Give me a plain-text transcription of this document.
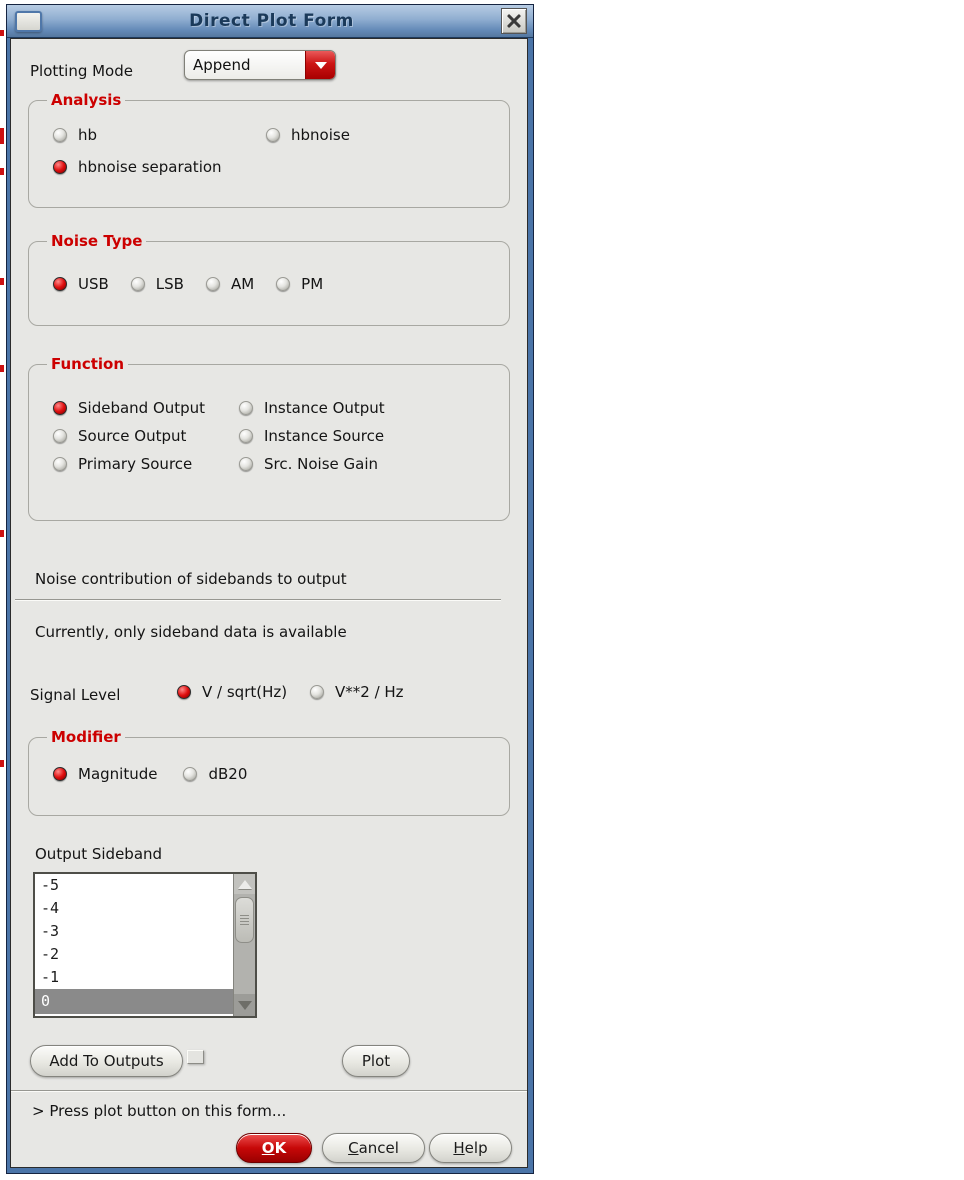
Direct Plot Form
Plotting Mode	Append
Analysis
hb	hbnoise
hbnoise separation
Noise Type
USB	LSB	AM	PM
Function
Sideband Output	Instance Output
Source Output	Instance Source
Primary Source	Src. Noise Gain
Noise contribution of sidebands to output
Currently, only sideband data is available
Signal Level	V / sqrt(Hz)	V**2 / Hz
Modifier
Magnitude	dB20
Output Sideband
-5
-4
-3
-2
-1
0
Add To Outputs	Plot
> Press plot button on this form...
OK	Cancel	Help
